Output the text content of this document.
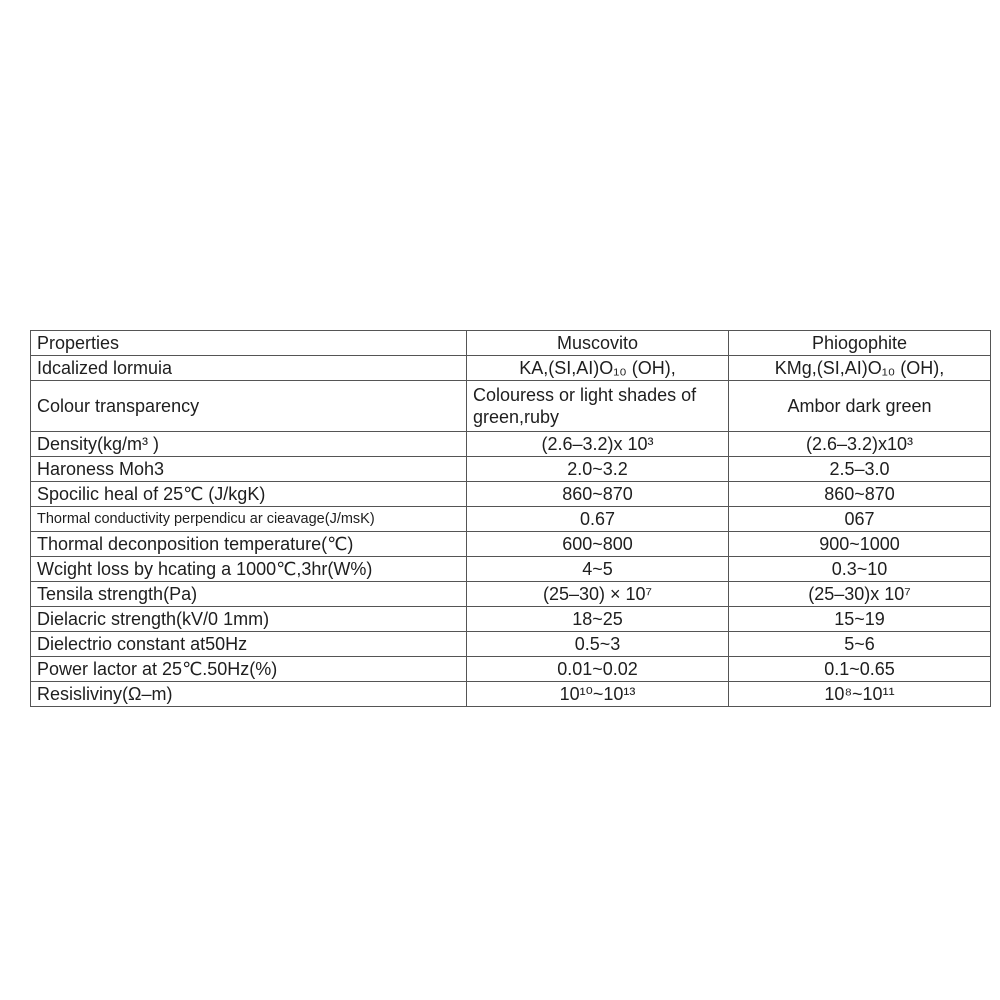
Properties	Muscovito	Phiogophite
Idcalized lormuia	KA,(SI,AI)O₁₀ (OH),	KMg,(SI,AI)O₁₀ (OH),
Colour transparency	Colouress or light shades of green,ruby	Ambor dark green
Density(kg/m³ )	(2.6–3.2)x 10³	(2.6–3.2)x10³
Haroness Moh3	2.0~3.2	2.5–3.0
Spocilic heal of 25℃ (J/kgK)	860~870	860~870
Thormal conductivity perpendicu ar cieavage(J/msK)	0.67	067
Thormal deconposition temperature(℃)	600~800	900~1000
Wcight loss by hcating a 1000℃,3hr(W%)	4~5	0.3~10
Tensila strength(Pa)	(25–30) × 10⁷	(25–30)x 10⁷
Dielacric strength(kV/0 1mm)	18~25	15~19
Dielectrio constant at50Hz	0.5~3	5~6
Power lactor at 25℃.50Hz(%)	0.01~0.02	0.1~0.65
Resisliviny(Ω–m)	10¹⁰~10¹³	10⁸~10¹¹
